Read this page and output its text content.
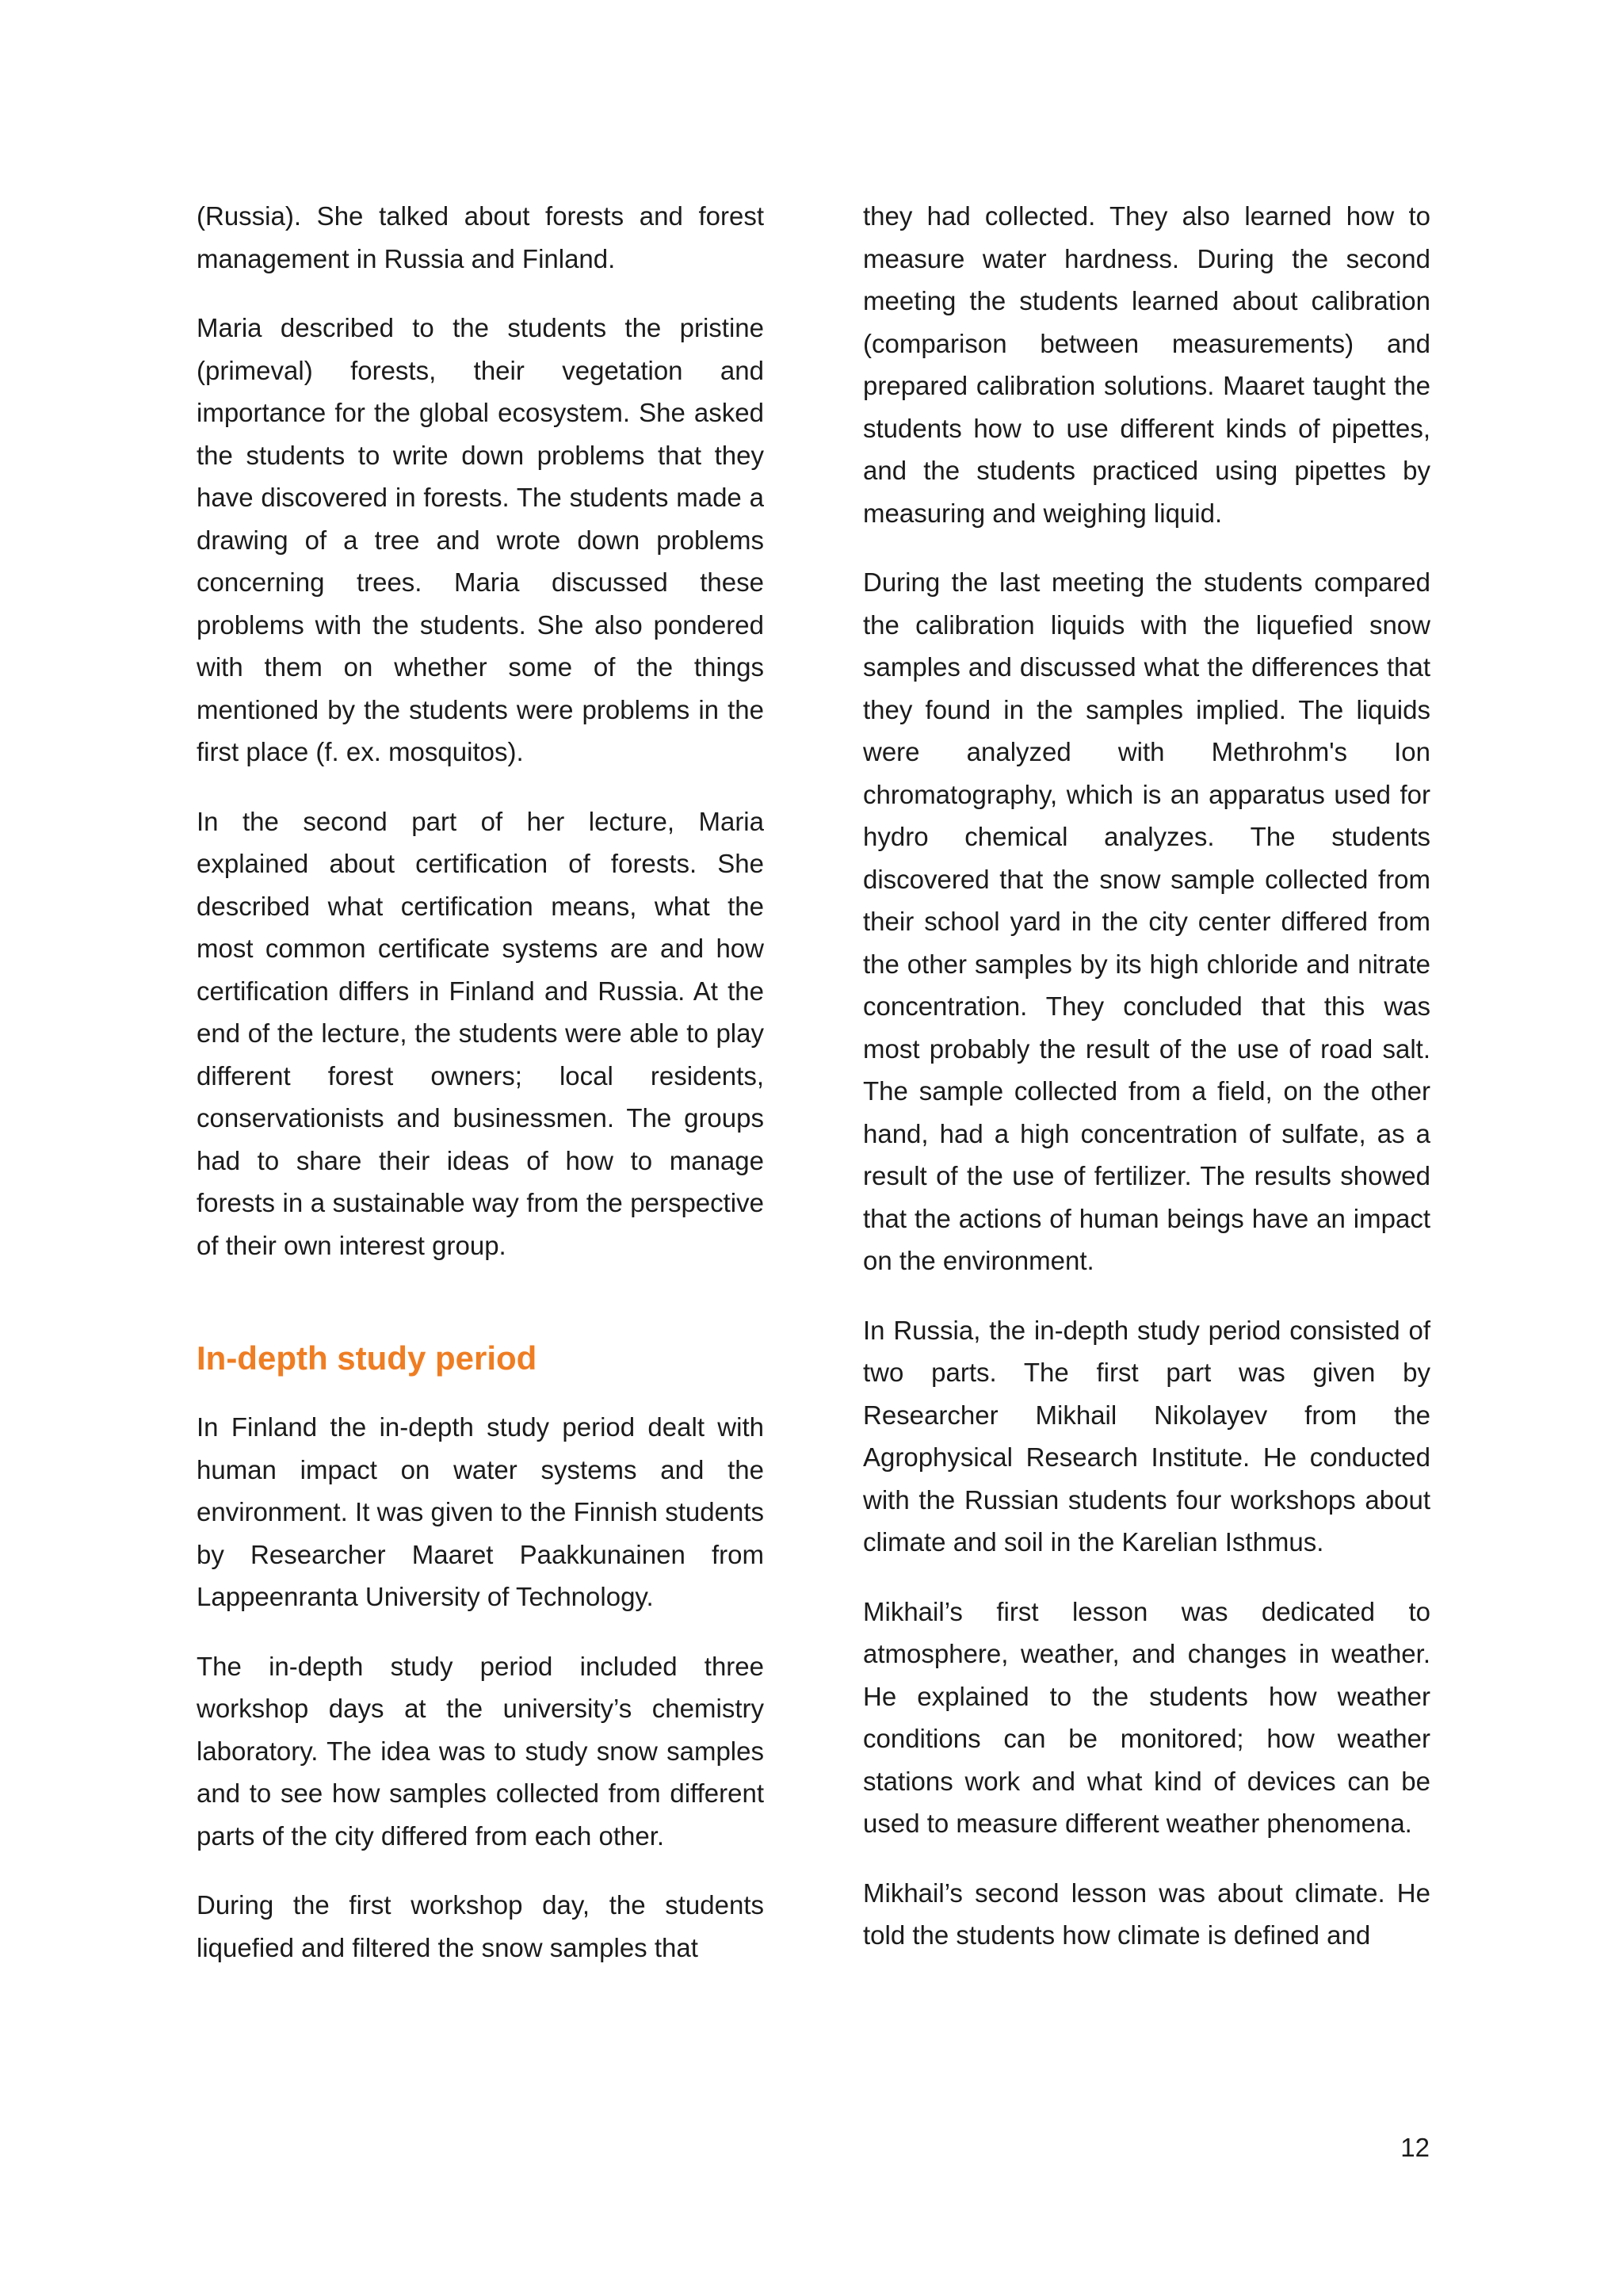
(Russia). She talked about forests and forest management in Russia and Finland.

Maria described to the students the pristine (primeval) forests, their vegetation and importance for the global ecosystem. She asked the students to write down problems that they have discovered in forests. The students made a drawing of a tree and wrote down problems concerning trees. Maria discussed these problems with the students. She also pondered with them on whether some of the things mentioned by the students were problems in the first place (f. ex. mosquitos).

In the second part of her lecture, Maria explained about certification of forests. She described what certification means, what the most common certificate systems are and how certification differs in Finland and Russia. At the end of the lecture, the students were able to play different forest owners; local residents, conservationists and businessmen. The groups had to share their ideas of how to manage forests in a sustainable way from the perspective of their own interest group.

In-depth study period

In Finland the in-depth study period dealt with human impact on water systems and the environment. It was given to the Finnish students by Researcher Maaret Paakkunainen from Lappeenranta University of Technology.

The in-depth study period included three workshop days at the university’s chemistry laboratory. The idea was to study snow samples and to see how samples collected from different parts of the city differed from each other.

During the first workshop day, the students liquefied and filtered the snow samples that

they had collected. They also learned how to measure water hardness. During the second meeting the students learned about calibration (comparison between measurements) and prepared calibration solutions. Maaret taught the students how to use different kinds of pipettes, and the students practiced using pipettes by measuring and weighing liquid.

During the last meeting the students compared the calibration liquids with the liquefied snow samples and discussed what the differences that they found in the samples implied. The liquids were analyzed with Methrohm's Ion chromatography, which is an apparatus used for hydro chemical analyzes. The students discovered that the snow sample collected from their school yard in the city center differed from the other samples by its high chloride and nitrate concentration. They concluded that this was most probably the result of the use of road salt. The sample collected from a field, on the other hand, had a high concentration of sulfate, as a result of the use of fertilizer. The results showed that the actions of human beings have an impact on the environment.

In Russia, the in-depth study period consisted of two parts. The first part was given by Researcher Mikhail Nikolayev from the Agrophysical Research Institute. He conducted with the Russian students four workshops about climate and soil in the Karelian Isthmus.

Mikhail’s first lesson was dedicated to atmosphere, weather, and changes in weather. He explained to the students how weather conditions can be monitored; how weather stations work and what kind of devices can be used to measure different weather phenomena.

Mikhail’s second lesson was about climate. He told the students how climate is defined and

12
